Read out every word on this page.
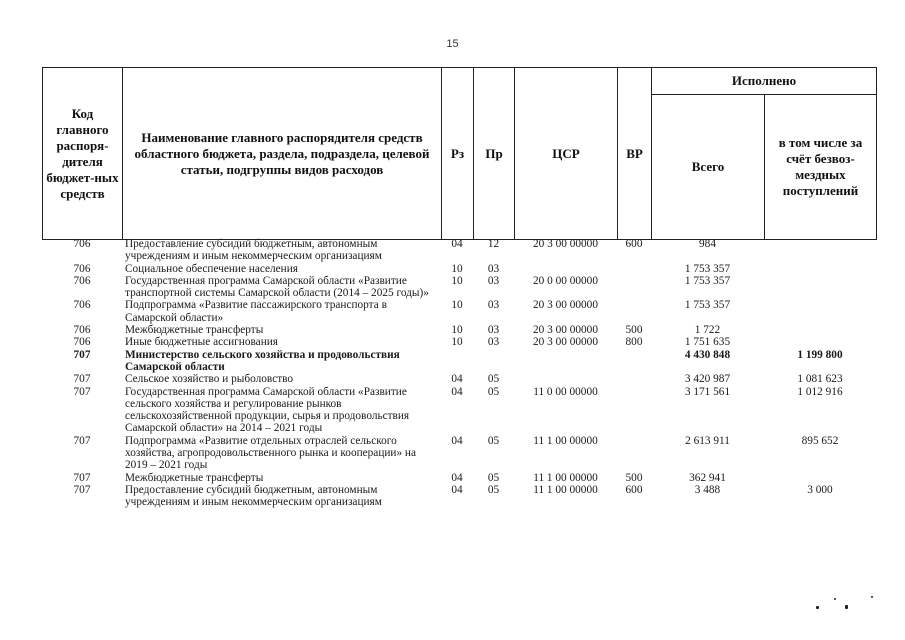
15
Код главного распоря-дителя бюджет-ных средств	Наименование главного распорядителя средств областного бюджета, раздела, подраздела, целевой статьи, подгруппы видов расходов	Рз	Пр	ЦСР	ВР	Исполнено	
						Всего	в том числе за счёт безвоз-мездных поступлений
706	Предоставление субсидий бюджетным, автономным учреждениям и иным некоммерческим организациям	04	12	20 3 00 00000	600	984	
706	Социальное обеспечение населения	10	03			1 753 357	
706	Государственная программа Самарской области «Развитие транспортной системы Самарской области (2014 – 2025 годы)»	10	03	20 0 00 00000		1 753 357	
706	Подпрограмма «Развитие пассажирского транспорта в Самарской области»	10	03	20 3 00 00000		1 753 357	
706	Межбюджетные трансферты	10	03	20 3 00 00000	500	1 722	
706	Иные бюджетные ассигнования	10	03	20 3 00 00000	800	1 751 635	
707	Министерство сельского хозяйства и продовольствия Самарской области					4 430 848	1 199 800
707	Сельское хозяйство и рыболовство	04	05			3 420 987	1 081 623
707	Государственная программа Самарской области «Развитие сельского хозяйства и регулирование рынков сельскохозяйственной продукции, сырья и продовольствия Самарской области» на 2014 – 2021 годы	04	05	11 0 00 00000		3 171 561	1 012 916
707	Подпрограмма «Развитие отдельных отраслей сельского хозяйства, агропродовольственного рынка и кооперации» на 2019 – 2021 годы	04	05	11 1 00 00000		2 613 911	895 652
707	Межбюджетные трансферты	04	05	11 1 00 00000	500	362 941	
707	Предоставление субсидий бюджетным, автономным учреждениям и иным некоммерческим организациям	04	05	11 1 00 00000	600	3 488	3 000
